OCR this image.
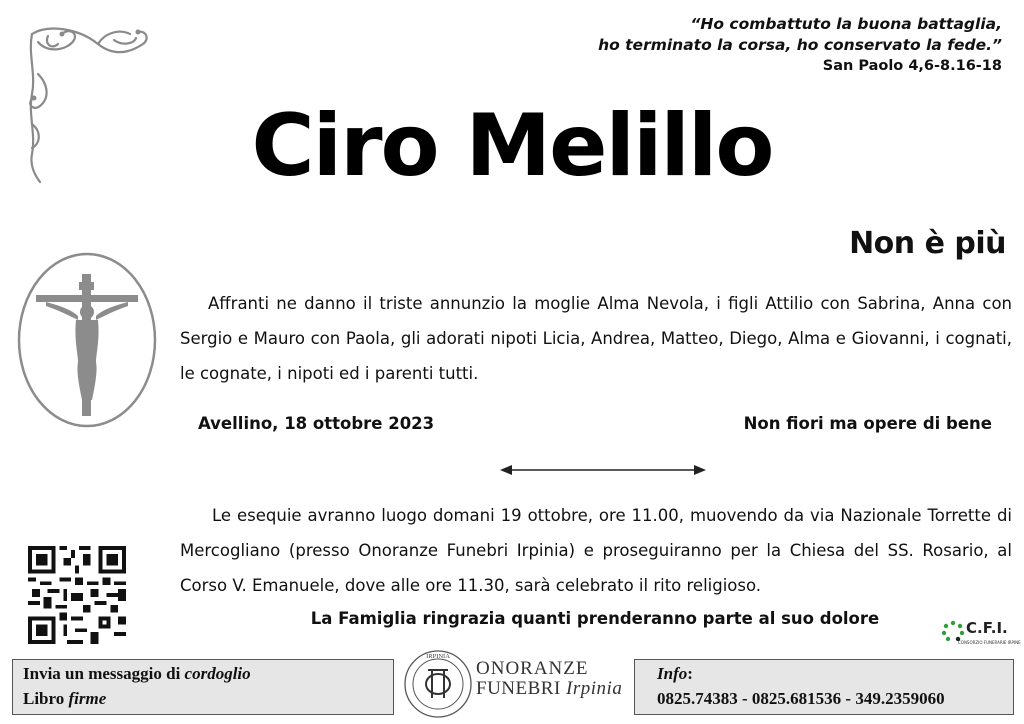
“Ho combattuto la buona battaglia,
ho terminato la corsa, ho conservato la fede.”
San Paolo 4,6-8.16-18
Ciro Melillo
Non è più
Affranti ne danno il triste annunzio la moglie Alma Nevola, i figli Attilio con Sabrina, Anna con Sergio e Mauro con Paola, gli adorati nipoti Licia, Andrea, Matteo, Diego, Alma e Giovanni, i cognati, le cognate, i nipoti ed i parenti tutti.
Avellino, 18 ottobre 2023	Non fiori ma opere di bene
Le esequie avranno luogo domani 19 ottobre, ore 11.00, muovendo da via Nazionale Torrette di Mercogliano (presso Onoranze Funebri Irpinia) e proseguiranno per la Chiesa del SS. Rosario, al Corso V. Emanuele, dove alle ore 11.30, sarà celebrato il rito religioso.
La Famiglia ringrazia quanti prenderanno parte al suo dolore	C.F.I.
CONSORZIO FUNERARIE IRPINE
Invia un messaggio di cordoglio
Libro firme
IRPINIA
ONORANZE
FUNEBRI Irpinia
Info:
0825.74383 - 0825.681536 - 349.2359060
